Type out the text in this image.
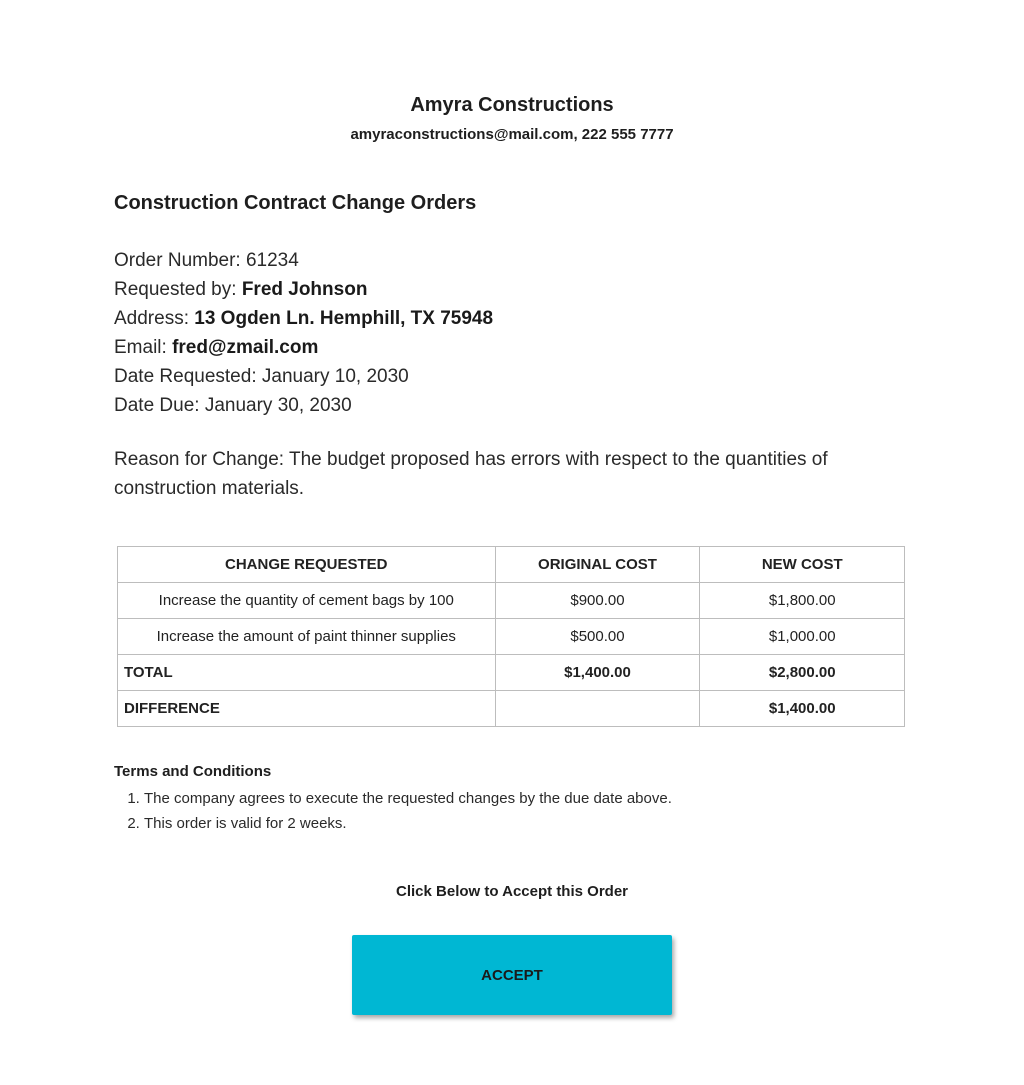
Amyra Constructions
amyraconstructions@mail.com, 222 555 7777
Construction Contract Change Orders
Order Number: 61234
Requested by: Fred Johnson
Address: 13 Ogden Ln. Hemphill, TX 75948
Email: fred@zmail.com
Date Requested: January 10, 2030
Date Due: January 30, 2030
Reason for Change: The budget proposed has errors with respect to the quantities of construction materials.
CHANGE REQUESTED	ORIGINAL COST	NEW COST
Increase the quantity of cement bags by 100	$900.00	$1,800.00
Increase the amount of paint thinner supplies	$500.00	$1,000.00
TOTAL	$1,400.00	$2,800.00
DIFFERENCE		$1,400.00
Terms and Conditions
1. The company agrees to execute the requested changes by the due date above.
2. This order is valid for 2 weeks.
Click Below to Accept this Order
ACCEPT
